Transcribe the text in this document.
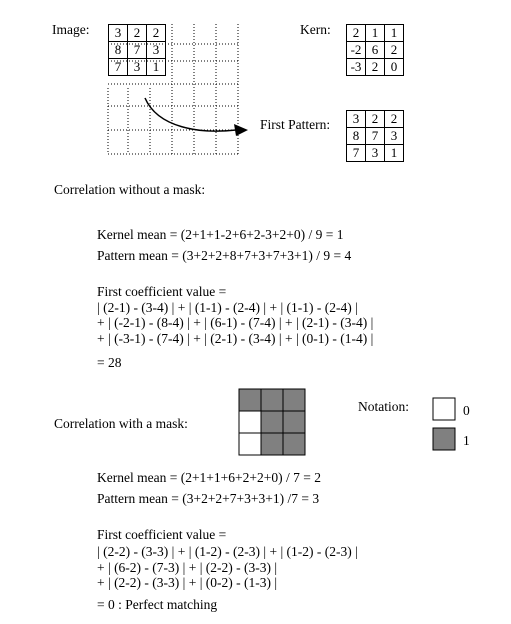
Image: 3	2	2
8	7	3
7	3	1
Kern: 2	1	1
-2	6	2
-3	2	0
First Pattern: 3	2	2
8	7	3
7	3	1
Correlation without a mask:
Kernel mean = (2+1+1-2+6+2-3+2+0) / 9 = 1
Pattern mean = (3+2+2+8+7+3+7+3+1) / 9 = 4
First coefficient value =
| (2-1) - (3-4) | + | (1-1) - (2-4) | + | (1-1) - (2-4) |
+ | (-2-1) - (8-4) | + | (6-1) - (7-4) | + | (2-1) - (3-4) |
+ | (-3-1) - (7-4) | + | (2-1) - (3-4) | + | (0-1) - (1-4) |
= 28
Correlation with a mask:
Notation:	0
1
Kernel mean = (2+1+1+6+2+2+0) / 7 = 2
Pattern mean = (3+2+2+7+3+3+1) /7 = 3
First coefficient value =
| (2-2) - (3-3) | + | (1-2) - (2-3) | + | (1-2) - (2-3) |
+ | (6-2) - (7-3) | + | (2-2) - (3-3) |
+ | (2-2) - (3-3) | + | (0-2) - (1-3) |
= 0 : Perfect matching
